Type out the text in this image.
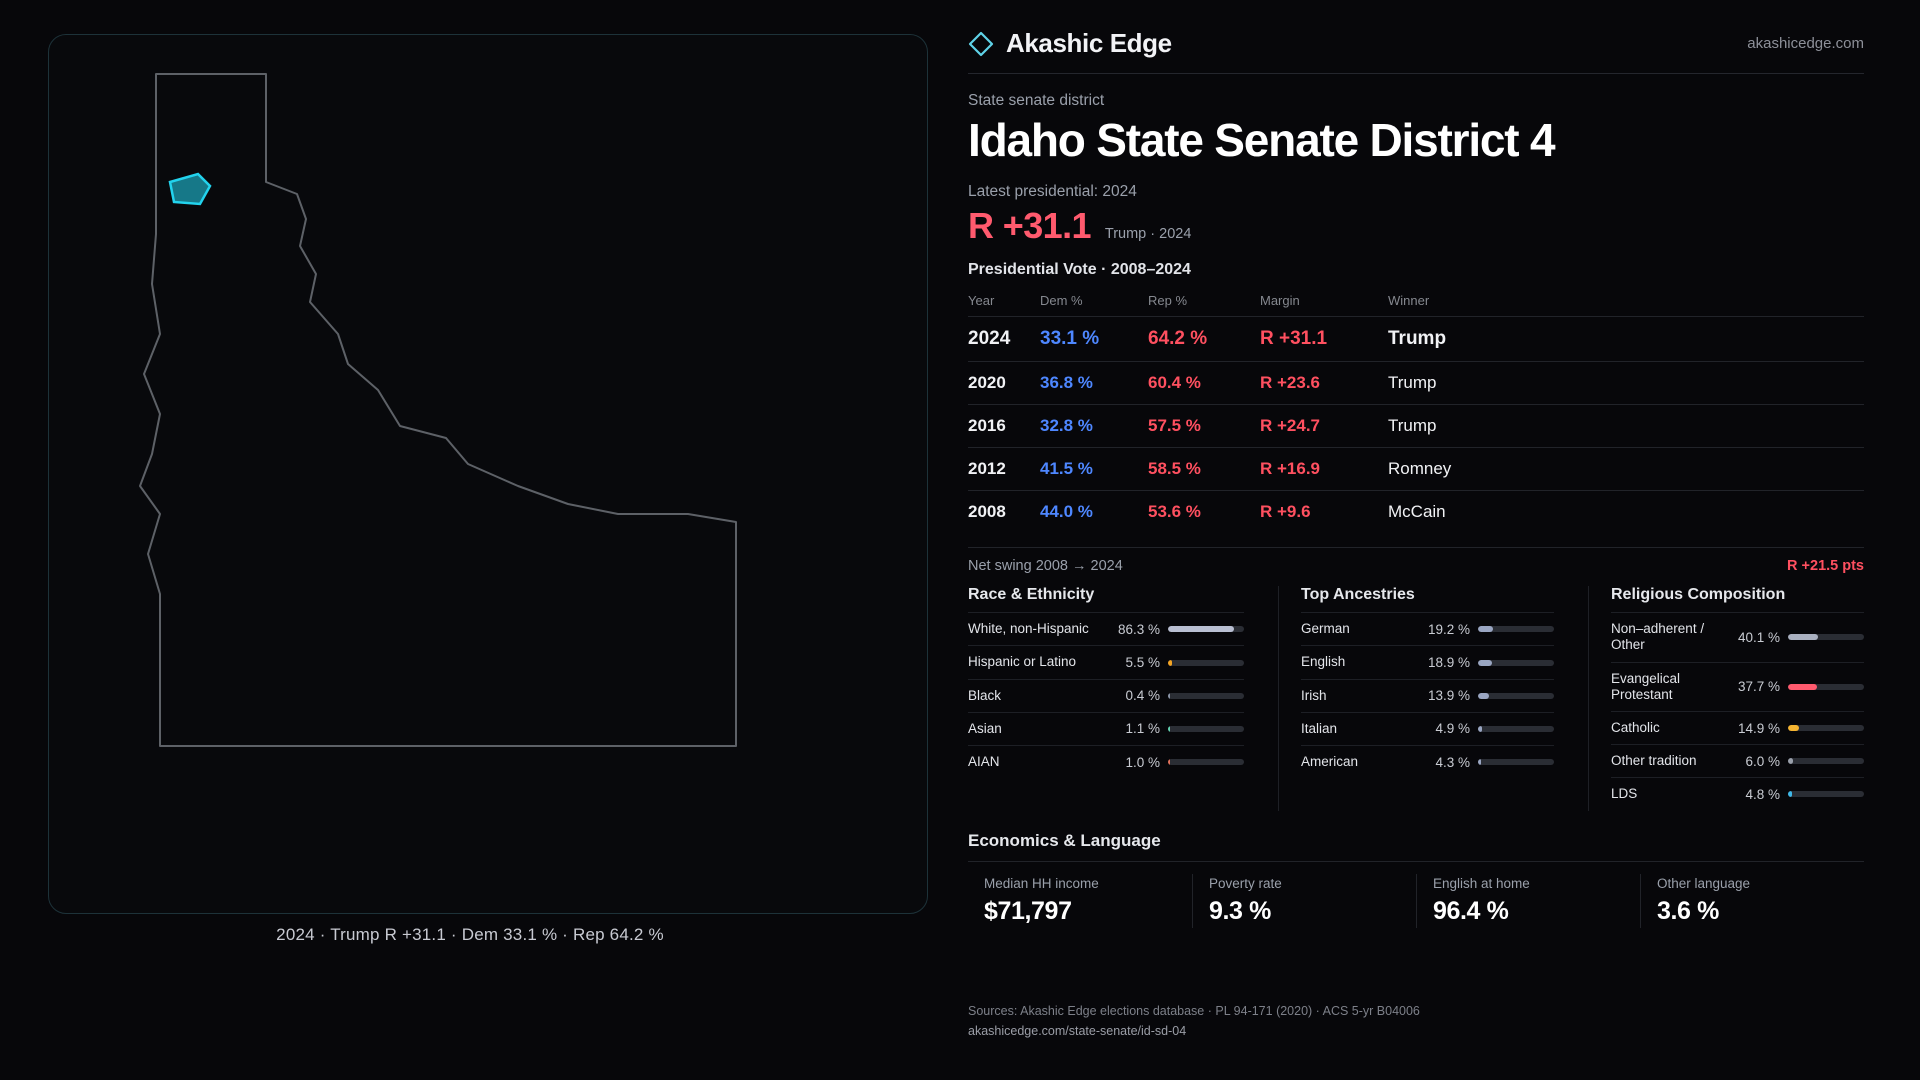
2024 · Trump R +31.1 · Dem 33.1 % · Rep 64.2 %
Akashic Edge	akashicedge.com
State senate district
Idaho State Senate District 4
Latest presidential: 2024
R +31.1 Trump · 2024
Presidential Vote · 2008–2024
Year	Dem %	Rep %	Margin	Winner
2024	33.1 %	64.2 %	R +31.1	Trump
2020	36.8 %	60.4 %	R +23.6	Trump
2016	32.8 %	57.5 %	R +24.7	Trump
2012	41.5 %	58.5 %	R +16.9	Romney
2008	44.0 %	53.6 %	R +9.6	McCain
Net swing 2008 → 2024	R +21.5 pts
Race & Ethnicity
White, non-Hispanic	86.3 %
Hispanic or Latino	5.5 %
Black	0.4 %
Asian	1.1 %
AIAN	1.0 %
Top Ancestries
German	19.2 %
English	18.9 %
Irish	13.9 %
Italian	4.9 %
American	4.3 %
Religious Composition
Non–adherent / Other	40.1 %
Evangelical Protestant	37.7 %
Catholic	14.9 %
Other tradition	6.0 %
LDS	4.8 %
Economics & Language
Median HH income
$71,797
Poverty rate
9.3 %
English at home
96.4 %
Other language
3.6 %
Sources: Akashic Edge elections database · PL 94-171 (2020) · ACS 5-yr B04006
akashicedge.com/state-senate/id-sd-04
